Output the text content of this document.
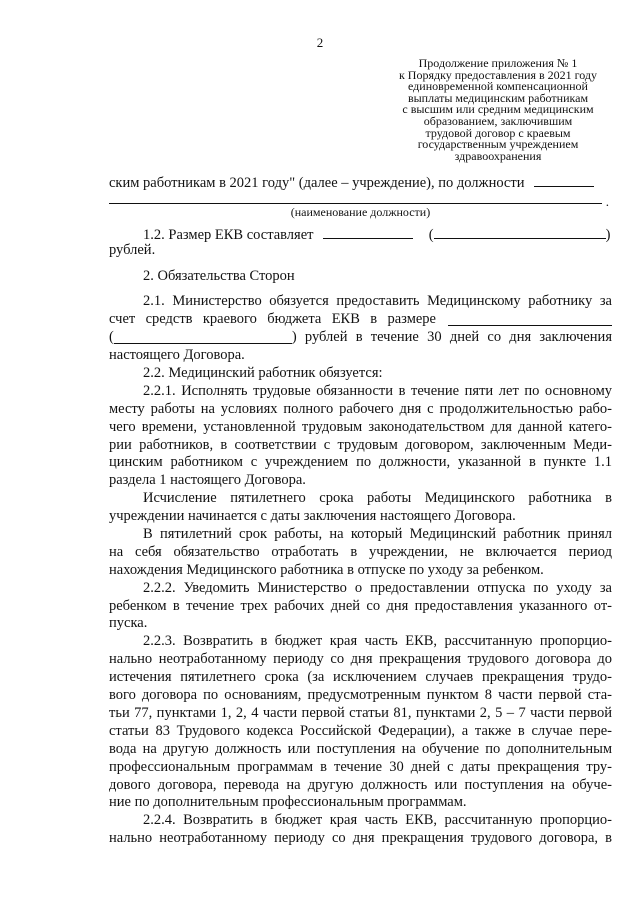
2
Продолжение приложения № 1
к Порядку предоставления в 2021 году
единовременной компенсационной
выплаты медицинским работникам
с высшим или средним медицинским
образованием, заключившим
трудовой договор с краевым
государственным учреждением
здравоохранения
ским работникам в 2021 году" (далее – учреждение), по должности
.
(наименование должности)
1.2. Размер ЕКВ составляет	(	)
рублей.
2. Обязательства Сторон
2.1. Министерство обязуется предоставить Медицинскому работнику за
счет средств краевого бюджета ЕКВ в размере
(	) рублей в течение 30 дней со дня заключения
настоящего Договора.
2.2. Медицинский работник обязуется:
2.2.1. Исполнять трудовые обязанности в течение пяти лет по основному
месту работы на условиях полного рабочего дня с продолжительностью рабо-
чего времени, установленной трудовым законодательством для данной катего-
рии работников, в соответствии с трудовым договором, заключенным Меди-
цинским работником с учреждением по должности, указанной в пункте 1.1
раздела 1 настоящего Договора.
Исчисление пятилетнего срока работы Медицинского работника в
учреждении начинается с даты заключения настоящего Договора.
В пятилетний срок работы, на который Медицинский работник принял
на себя обязательство отработать в учреждении, не включается период
нахождения Медицинского работника в отпуске по уходу за ребенком.
2.2.2. Уведомить Министерство о предоставлении отпуска по уходу за
ребенком в течение трех рабочих дней со дня предоставления указанного от-
пуска.
2.2.3. Возвратить в бюджет края часть ЕКВ, рассчитанную пропорцио-
нально неотработанному периоду со дня прекращения трудового договора до
истечения пятилетнего срока (за исключением случаев прекращения трудо-
вого договора по основаниям, предусмотренным пунктом 8 части первой ста-
тьи 77, пунктами 1, 2, 4 части первой статьи 81, пунктами 2, 5 – 7 части первой
статьи 83 Трудового кодекса Российской Федерации), а также в случае пере-
вода на другую должность или поступления на обучение по дополнительным
профессиональным программам в течение 30 дней с даты прекращения тру-
дового договора, перевода на другую должность или поступления на обуче-
ние по дополнительным профессиональным программам.
2.2.4. Возвратить в бюджет края часть ЕКВ, рассчитанную пропорцио-
нально неотработанному периоду со дня прекращения трудового договора, в
